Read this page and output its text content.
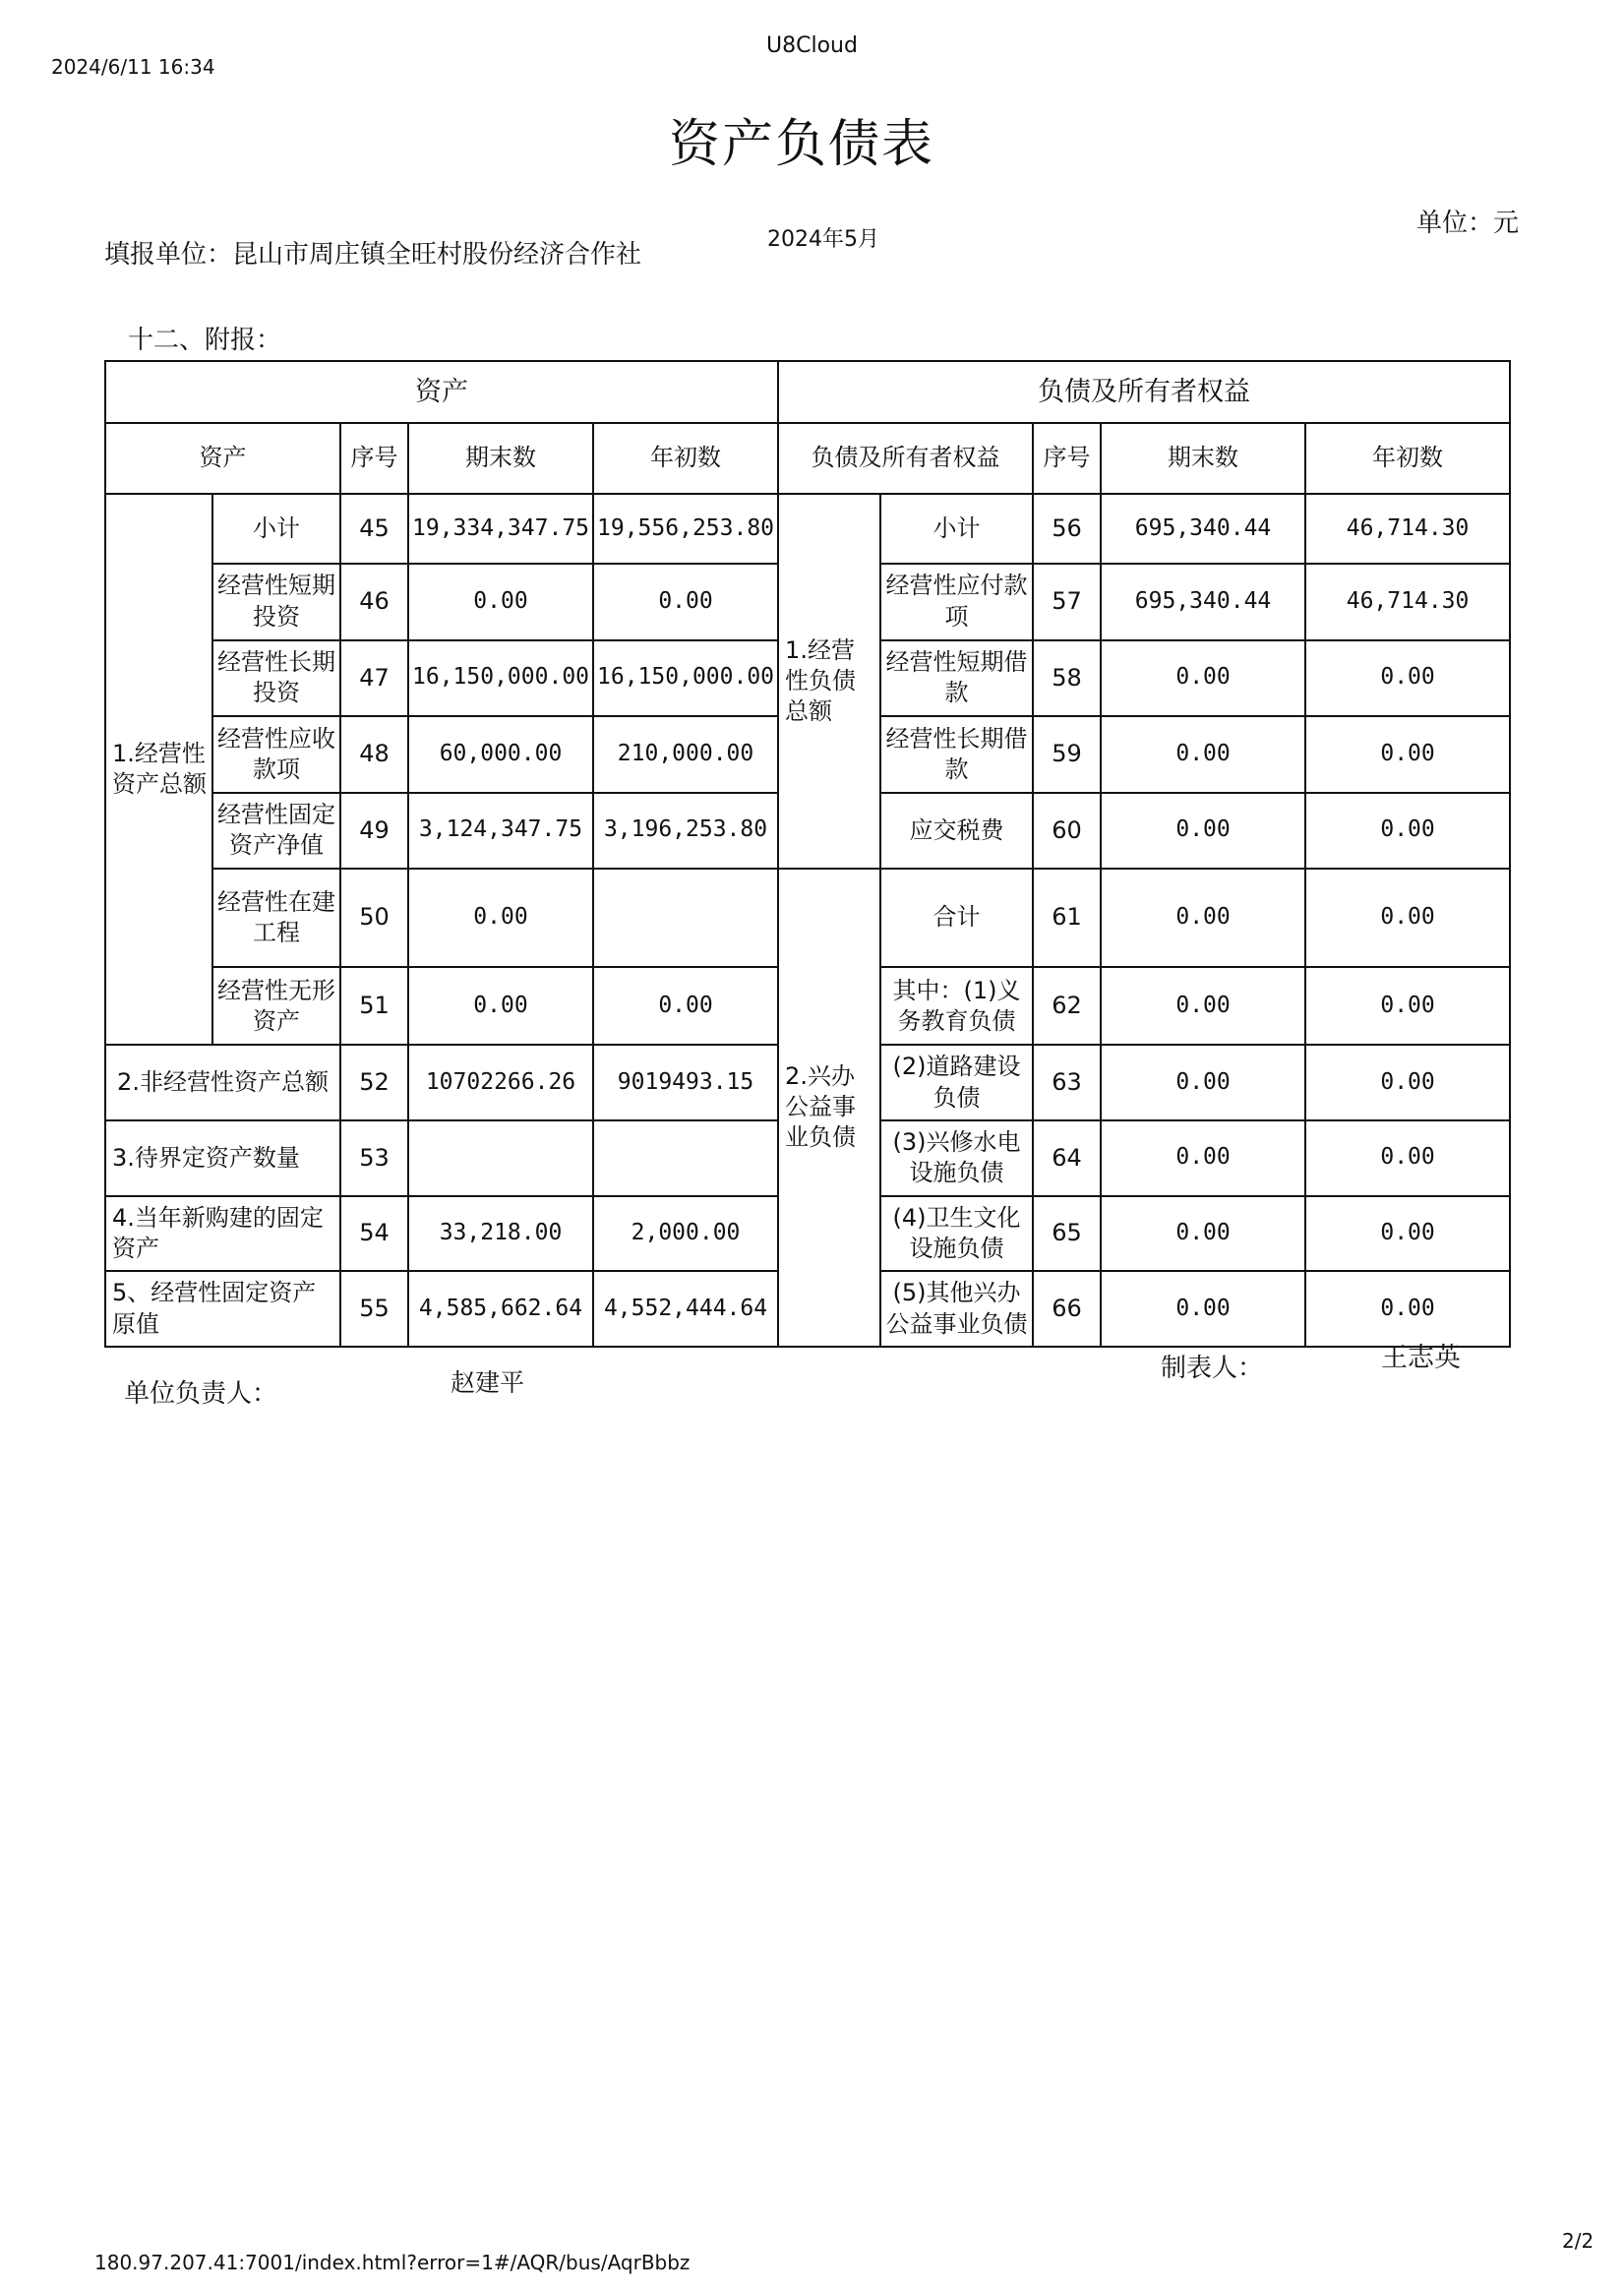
2024/6/11 16:34
U8Cloud
资产负债表
单位：元
填报单位：昆山市周庄镇全旺村股份经济合作社
2024年5月
十二、附报：
资产					负债及所有者权益				
资产		序号	期末数	年初数	负债及所有者权益		序号	期末数	年初数
1.经营性资产总额	小计	45	19,334,347.75	19,556,253.80	1.经营性负债总额	小计	56	695,340.44	46,714.30
	经营性短期投资	46	0.00	0.00		经营性应付款项	57	695,340.44	46,714.30
	经营性长期投资	47	16,150,000.00	16,150,000.00		经营性短期借款	58	0.00	0.00
	经营性应收款项	48	60,000.00	210,000.00		经营性长期借款	59	0.00	0.00
	经营性固定资产净值	49	3,124,347.75	3,196,253.80		应交税费	60	0.00	0.00
	经营性在建工程	50	0.00		2.兴办公益事业负债	合计	61	0.00	0.00
	经营性无形资产	51	0.00	0.00		其中：(1)义务教育负债	62	0.00	0.00
2.非经营性资产总额		52	10702266.26	9019493.15		(2)道路建设负债	63	0.00	0.00
3.待界定资产数量		53				(3)兴修水电设施负债	64	0.00	0.00
4.当年新购建的固定资产		54	33,218.00	2,000.00		(4)卫生文化设施负债	65	0.00	0.00
5、经营性固定资产原值		55	4,585,662.64	4,552,444.64		(5)其他兴办公益事业负债	66	0.00	0.00
单位负责人：	赵建平	制表人：	王志英
180.97.207.41:7001/index.html?error=1#/AQR/bus/AqrBbbz
2/2
